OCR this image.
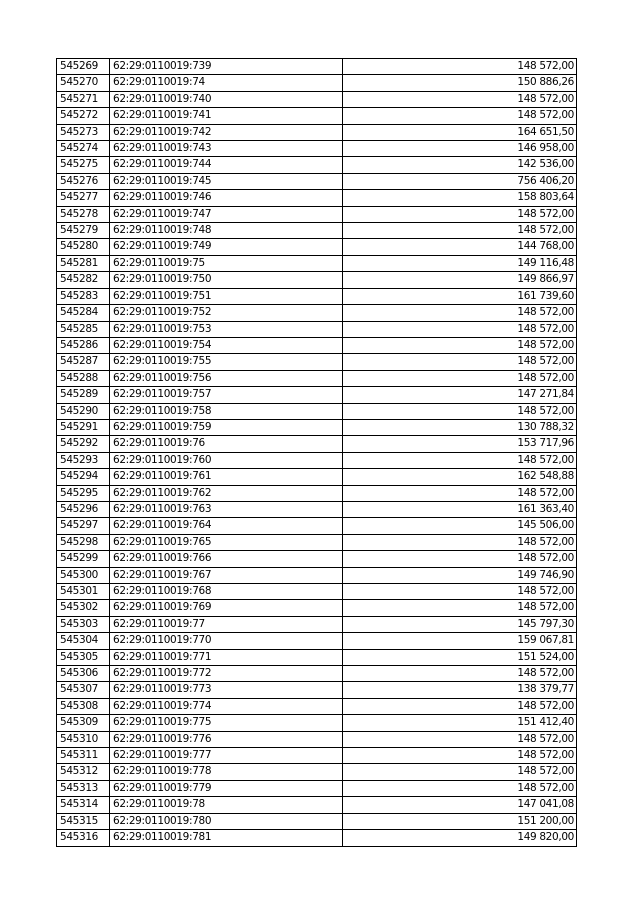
545269	62:29:0110019:739	148 572,00
545270	62:29:0110019:74	150 886,26
545271	62:29:0110019:740	148 572,00
545272	62:29:0110019:741	148 572,00
545273	62:29:0110019:742	164 651,50
545274	62:29:0110019:743	146 958,00
545275	62:29:0110019:744	142 536,00
545276	62:29:0110019:745	756 406,20
545277	62:29:0110019:746	158 803,64
545278	62:29:0110019:747	148 572,00
545279	62:29:0110019:748	148 572,00
545280	62:29:0110019:749	144 768,00
545281	62:29:0110019:75	149 116,48
545282	62:29:0110019:750	149 866,97
545283	62:29:0110019:751	161 739,60
545284	62:29:0110019:752	148 572,00
545285	62:29:0110019:753	148 572,00
545286	62:29:0110019:754	148 572,00
545287	62:29:0110019:755	148 572,00
545288	62:29:0110019:756	148 572,00
545289	62:29:0110019:757	147 271,84
545290	62:29:0110019:758	148 572,00
545291	62:29:0110019:759	130 788,32
545292	62:29:0110019:76	153 717,96
545293	62:29:0110019:760	148 572,00
545294	62:29:0110019:761	162 548,88
545295	62:29:0110019:762	148 572,00
545296	62:29:0110019:763	161 363,40
545297	62:29:0110019:764	145 506,00
545298	62:29:0110019:765	148 572,00
545299	62:29:0110019:766	148 572,00
545300	62:29:0110019:767	149 746,90
545301	62:29:0110019:768	148 572,00
545302	62:29:0110019:769	148 572,00
545303	62:29:0110019:77	145 797,30
545304	62:29:0110019:770	159 067,81
545305	62:29:0110019:771	151 524,00
545306	62:29:0110019:772	148 572,00
545307	62:29:0110019:773	138 379,77
545308	62:29:0110019:774	148 572,00
545309	62:29:0110019:775	151 412,40
545310	62:29:0110019:776	148 572,00
545311	62:29:0110019:777	148 572,00
545312	62:29:0110019:778	148 572,00
545313	62:29:0110019:779	148 572,00
545314	62:29:0110019:78	147 041,08
545315	62:29:0110019:780	151 200,00
545316	62:29:0110019:781	149 820,00
